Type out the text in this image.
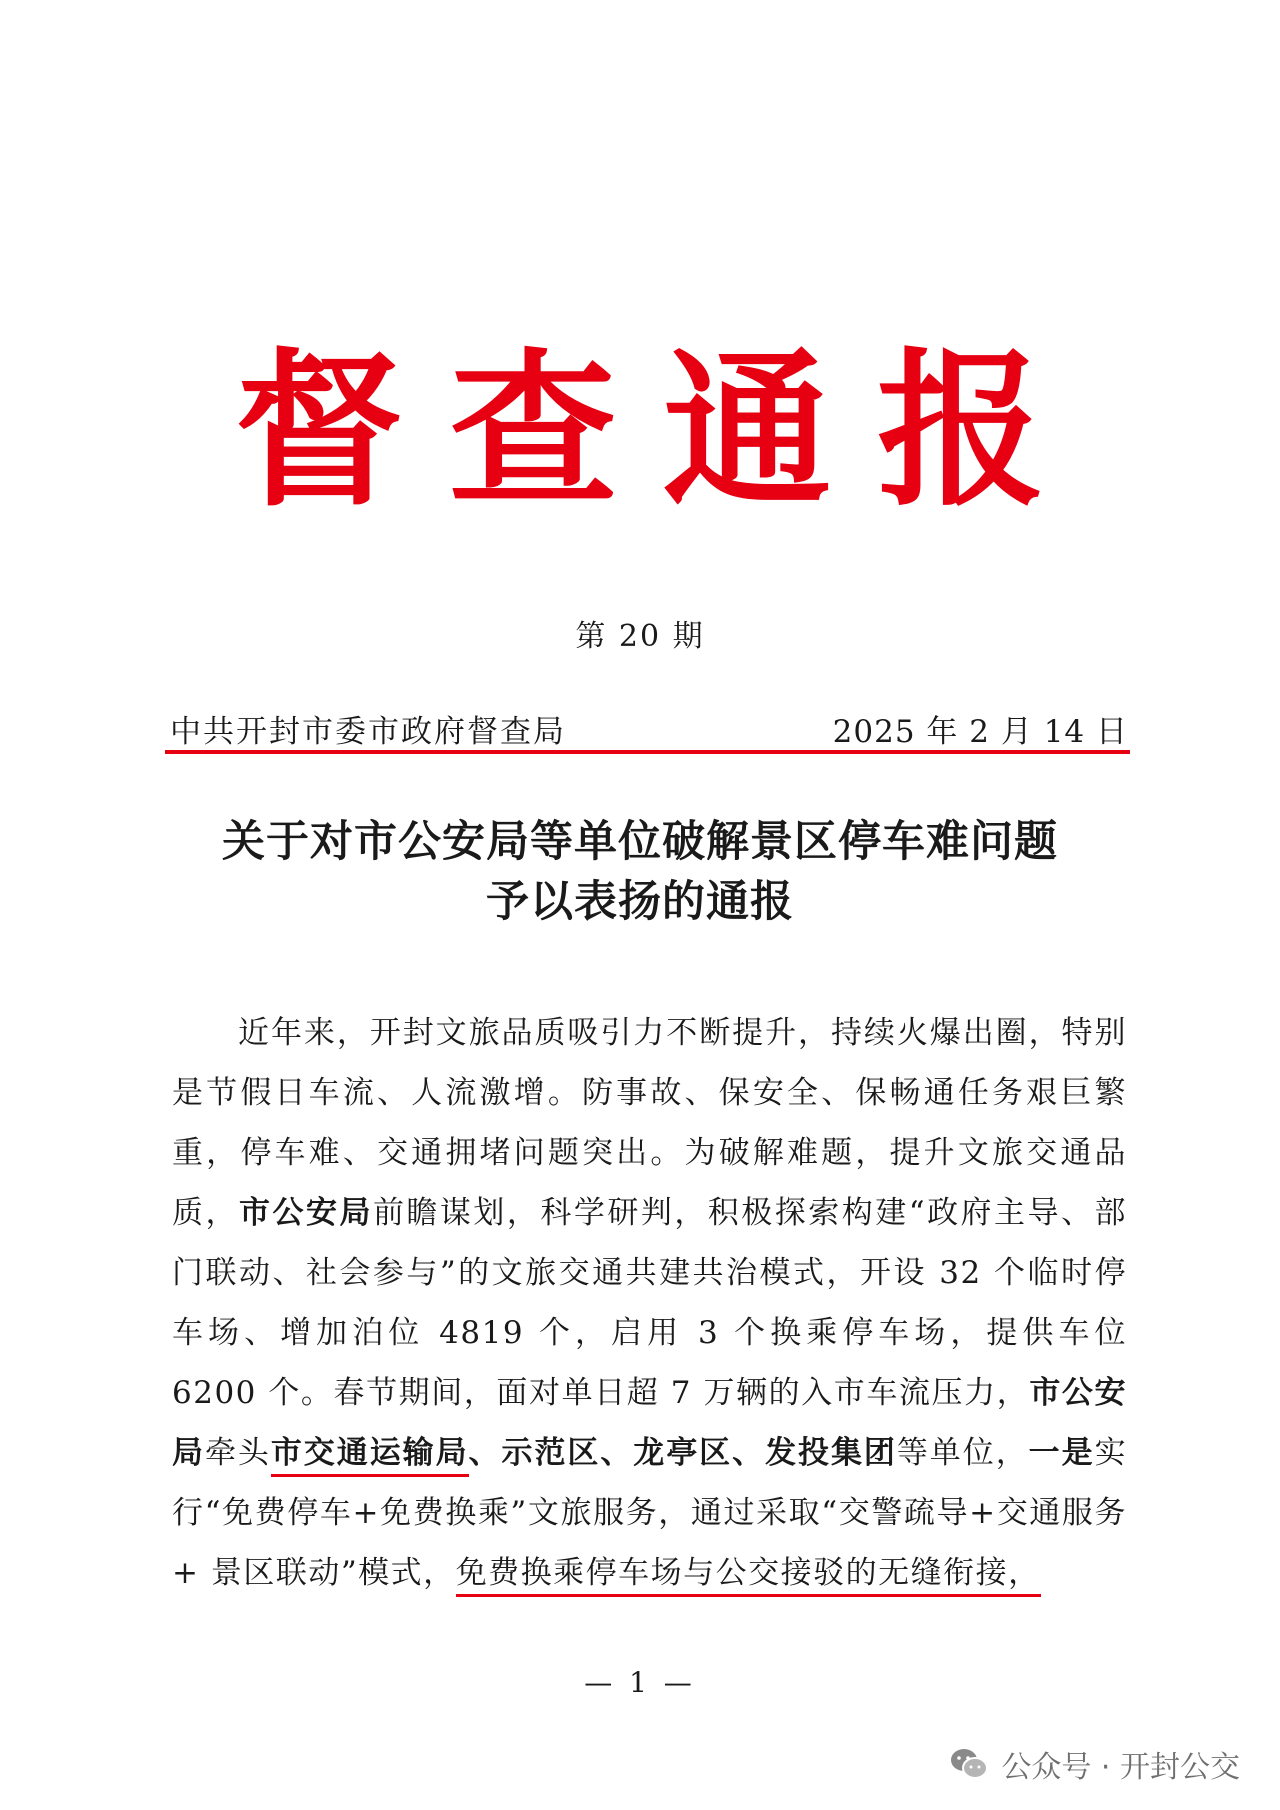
督查通报
第 20 期
中共开封市委市政府督查局	2025 年 2 月 14 日
关于对市公安局等单位破解景区停车难问题
予以表扬的通报
近年来，开封文旅品质吸引力不断提升，持续火爆出圈，特别是节假日车流、人流激增。防事故、保安全、保畅通任务艰巨繁重，停车难、交通拥堵问题突出。为破解难题，提升文旅交通品质，市公安局前瞻谋划，科学研判，积极探索构建“政府主导、部门联动、社会参与”的文旅交通共建共治模式，开设 32 个临时停车场、增加泊位 4819 个，启用 3 个换乘停车场，提供车位 6200 个。春节期间，面对单日超 7 万辆的入市车流压力，市公安局牵头市交通运输局、示范区、龙亭区、发投集团等单位，一是实行“免费停车+免费换乘”文旅服务，通过采取“交警疏导+交通服务 + 景区联动”模式，免费换乘停车场与公交接驳的无缝衔接，
— 1 —
公众号 · 开封公交
